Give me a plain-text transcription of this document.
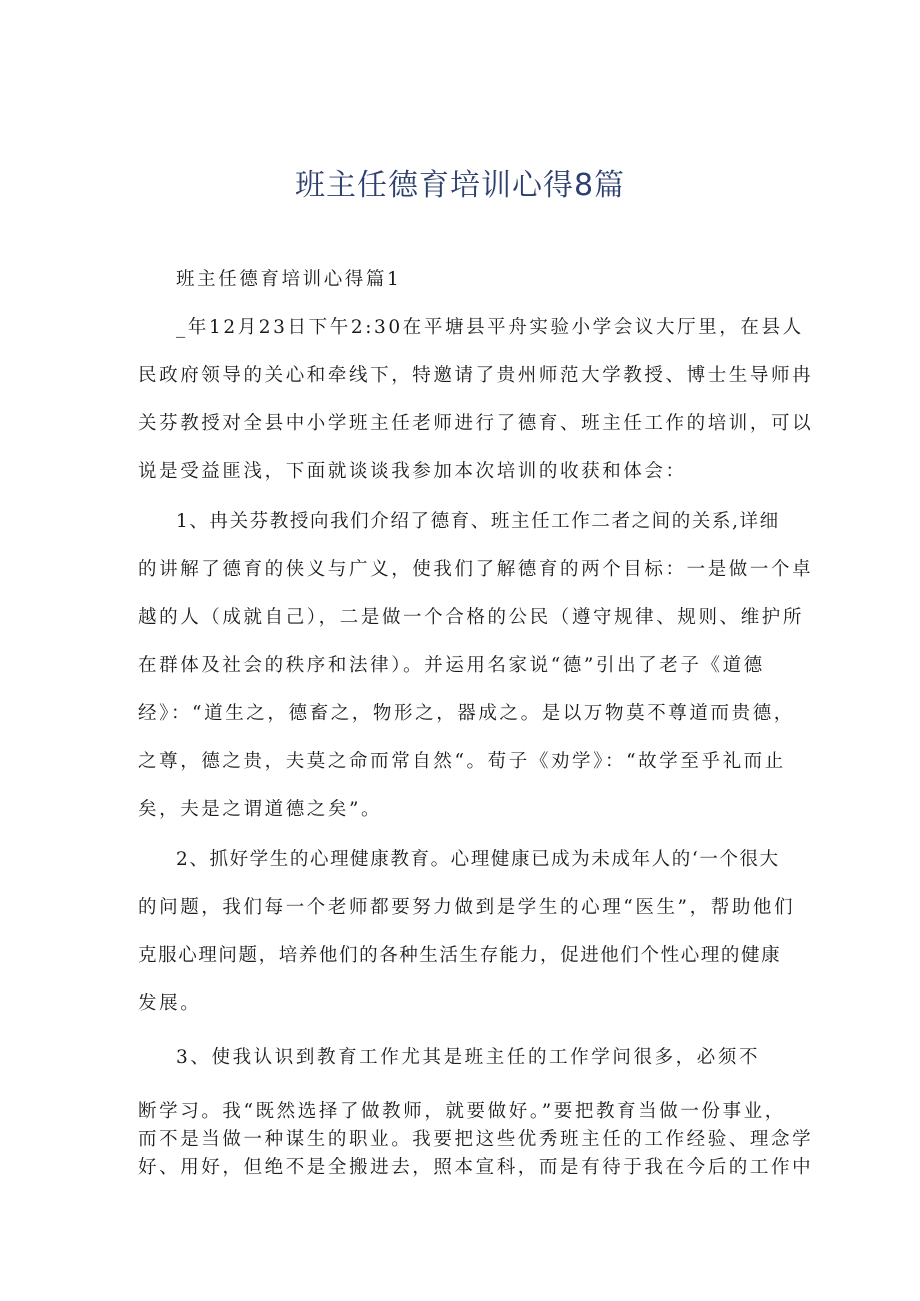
班主任德育培训心得8篇
班主任德育培训心得篇1
_年12月23日下午2:30在平塘县平舟实验小学会议大厅里，在县人
民政府领导的关心和牵线下，特邀请了贵州师范大学教授、博士生导师冉
关芬教授对全县中小学班主任老师进行了德育、班主任工作的培训，可以
说是受益匪浅，下面就谈谈我参加本次培训的收获和体会：
1、冉关芬教授向我们介绍了德育、班主任工作二者之间的关系,详细
的讲解了德育的侠义与广义，使我们了解德育的两个目标：一是做一个卓
越的人（成就自己），二是做一个合格的公民（遵守规律、规则、维护所
在群体及社会的秩序和法律）。并运用名家说“德”引出了老子《道德
经》：“道生之，德畜之，物形之，器成之。是以万物莫不尊道而贵德，
之尊，德之贵，夫莫之命而常自然“。荀子《劝学》：“故学至乎礼而止
矣，夫是之谓道德之矣”。
2、抓好学生的心理健康教育。心理健康已成为未成年人的‘一个很大
的问题，我们每一个老师都要努力做到是学生的心理“医生”，帮助他们
克服心理问题，培养他们的各种生活生存能力，促进他们个性心理的健康
发展。
3、使我认识到教育工作尤其是班主任的工作学问很多，必须不
断学习。我“既然选择了做教师，就要做好。”要把教育当做一份事业，
而不是当做一种谋生的职业。我要把这些优秀班主任的工作经验、理念学
好、用好，但绝不是全搬进去，照本宣科，而是有待于我在今后的工作中
